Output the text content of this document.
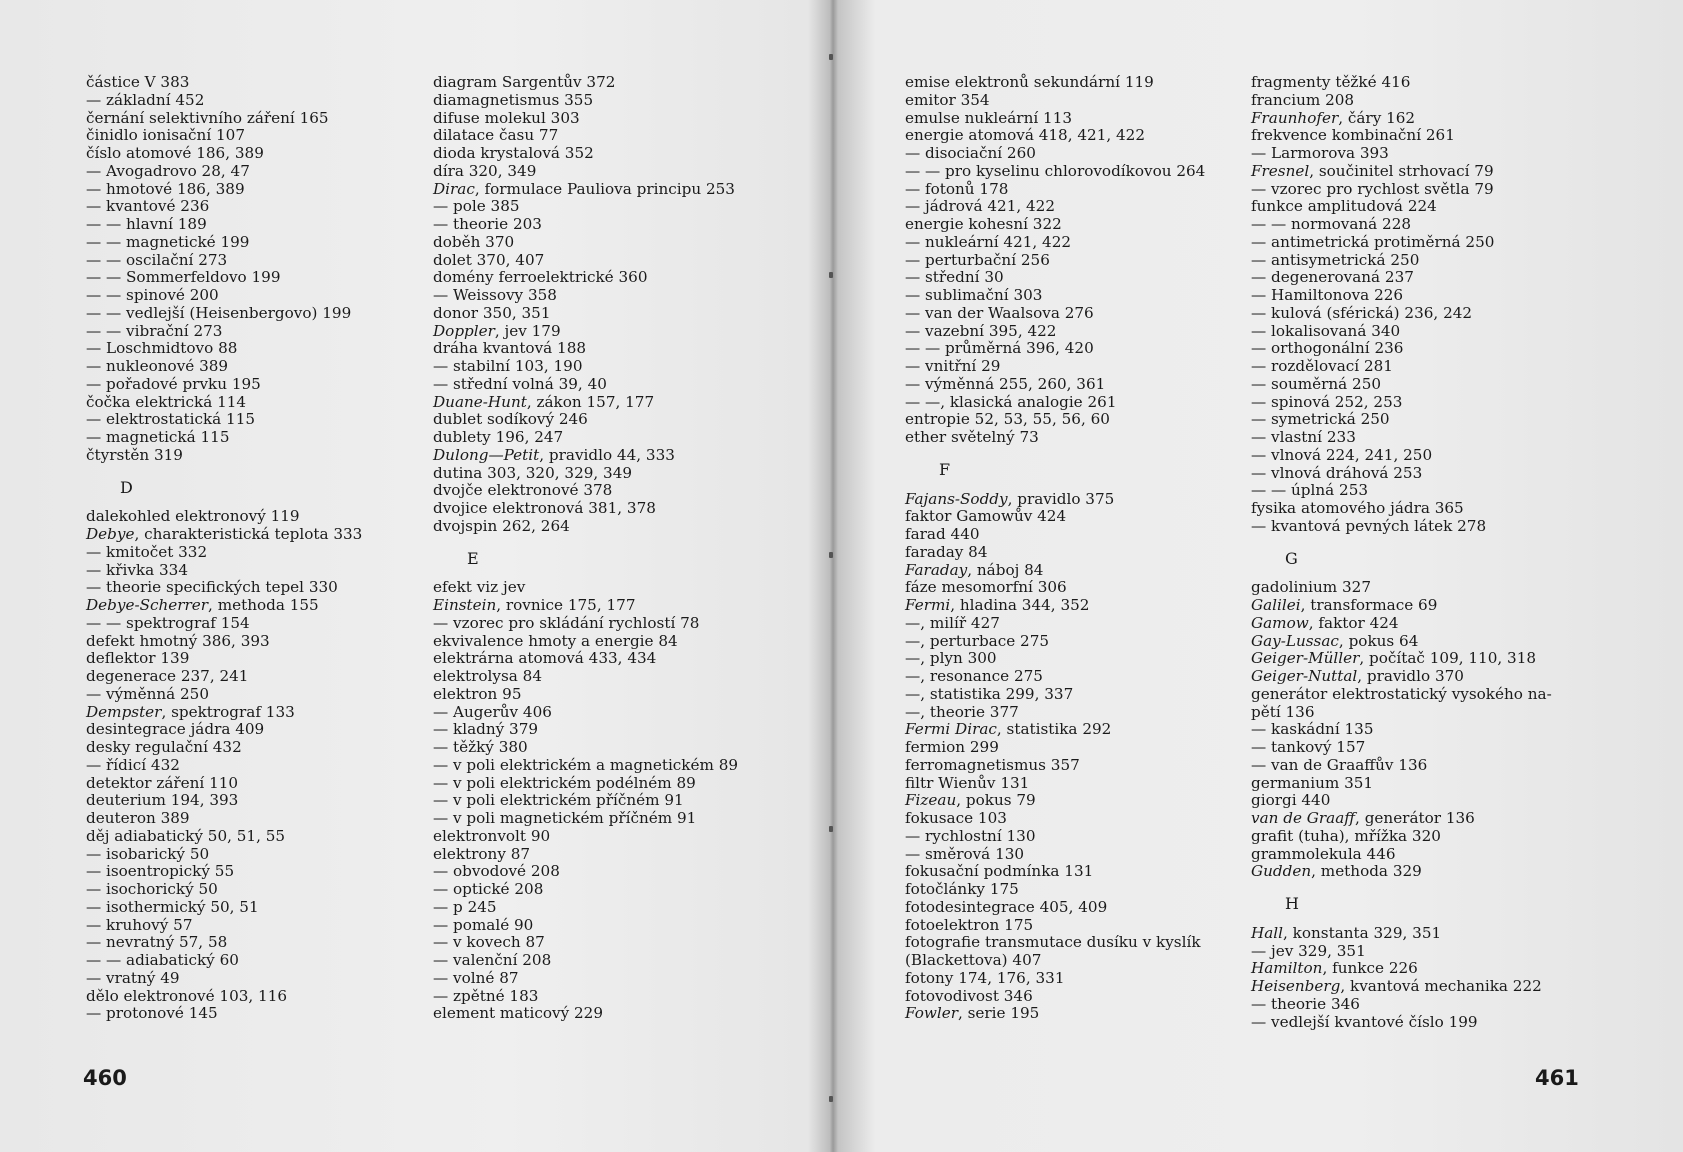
částice V 383
— základní 452
černání selektivního záření 165
činidlo ionisační 107
číslo atomové 186, 389
— Avogadrovo 28, 47
— hmotové 186, 389
— kvantové 236
— — hlavní 189
— — magnetické 199
— — oscilační 273
— — Sommerfeldovo 199
— — spinové 200
— — vedlejší (Heisenbergovo) 199
— — vibrační 273
— Loschmidtovo 88
— nukleonové 389
— pořadové prvku 195
čočka elektrická 114
— elektrostatická 115
— magnetická 115
čtyrstěn 319
D
dalekohled elektronový 119
Debye, charakteristická teplota 333
— kmitočet 332
— křivka 334
— theorie specifických tepel 330
Debye-Scherrer, methoda 155
— — spektrograf 154
defekt hmotný 386, 393
deflektor 139
degenerace 237, 241
— výměnná 250
Dempster, spektrograf 133
desintegrace jádra 409
desky regulační 432
— řídicí 432
detektor záření 110
deuterium 194, 393
deuteron 389
děj adiabatický 50, 51, 55
— isobarický 50
— isoentropický 55
— isochorický 50
— isothermický 50, 51
— kruhový 57
— nevratný 57, 58
— — adiabatický 60
— vratný 49
dělo elektronové 103, 116
— protonové 145
diagram Sargentův 372
diamagnetismus 355
difuse molekul 303
dilatace času 77
dioda krystalová 352
díra 320, 349
Dirac, formulace Pauliova principu 253
— pole 385
— theorie 203
doběh 370
dolet 370, 407
domény ferroelektrické 360
— Weissovy 358
donor 350, 351
Doppler, jev 179
dráha kvantová 188
— stabilní 103, 190
— střední volná 39, 40
Duane-Hunt, zákon 157, 177
dublet sodíkový 246
dublety 196, 247
Dulong—Petit, pravidlo 44, 333
dutina 303, 320, 329, 349
dvojče elektronové 378
dvojice elektronová 381, 378
dvojspin 262, 264
E
efekt viz jev
Einstein, rovnice 175, 177
— vzorec pro skládání rychlostí 78
ekvivalence hmoty a energie 84
elektrárna atomová 433, 434
elektrolysa 84
elektron 95
— Augerův 406
— kladný 379
— těžký 380
— v poli elektrickém a magnetickém 89
— v poli elektrickém podélném 89
— v poli elektrickém příčném 91
— v poli magnetickém příčném 91
elektronvolt 90
elektrony 87
— obvodové 208
— optické 208
— p 245
— pomalé 90
— v kovech 87
— valenční 208
— volné 87
— zpětné 183
element maticový 229
460
emise elektronů sekundární 119
emitor 354
emulse nukleární 113
energie atomová 418, 421, 422
— disociační 260
— — pro kyselinu chlorovodíkovou 264
— fotonů 178
— jádrová 421, 422
energie kohesní 322
— nukleární 421, 422
— perturbační 256
— střední 30
— sublimační 303
— van der Waalsova 276
— vazební 395, 422
— — průměrná 396, 420
— vnitřní 29
— výměnná 255, 260, 361
— —, klasická analogie 261
entropie 52, 53, 55, 56, 60
ether světelný 73
F
Fajans-Soddy, pravidlo 375
faktor Gamowův 424
farad 440
faraday 84
Faraday, náboj 84
fáze mesomorfní 306
Fermi, hladina 344, 352
—, milíř 427
—, perturbace 275
—, plyn 300
—, resonance 275
—, statistika 299, 337
—, theorie 377
Fermi Dirac, statistika 292
fermion 299
ferromagnetismus 357
filtr Wienův 131
Fizeau, pokus 79
fokusace 103
— rychlostní 130
— směrová 130
fokusační podmínka 131
fotočlánky 175
fotodesintegrace 405, 409
fotoelektron 175
fotografie transmutace dusíku v kyslík
(Blackettova) 407
fotony 174, 176, 331
fotovodivost 346
Fowler, serie 195
fragmenty těžké 416
francium 208
Fraunhofer, čáry 162
frekvence kombinační 261
— Larmorova 393
Fresnel, součinitel strhovací 79
— vzorec pro rychlost světla 79
funkce amplitudová 224
— — normovaná 228
— antimetrická protiměrná 250
— antisymetrická 250
— degenerovaná 237
— Hamiltonova 226
— kulová (sférická) 236, 242
— lokalisovaná 340
— orthogonální 236
— rozdělovací 281
— souměrná 250
— spinová 252, 253
— symetrická 250
— vlastní 233
— vlnová 224, 241, 250
— vlnová dráhová 253
— — úplná 253
fysika atomového jádra 365
— kvantová pevných látek 278
G
gadolinium 327
Galilei, transformace 69
Gamow, faktor 424
Gay-Lussac, pokus 64
Geiger-Müller, počítač 109, 110, 318
Geiger-Nuttal, pravidlo 370
generátor elektrostatický vysokého na-
pětí 136
— kaskádní 135
— tankový 157
— van de Graaffův 136
germanium 351
giorgi 440
van de Graaff, generátor 136
grafit (tuha), mřížka 320
grammolekula 446
Gudden, methoda 329
H
Hall, konstanta 329, 351
— jev 329, 351
Hamilton, funkce 226
Heisenberg, kvantová mechanika 222
— theorie 346
— vedlejší kvantové číslo 199
461
